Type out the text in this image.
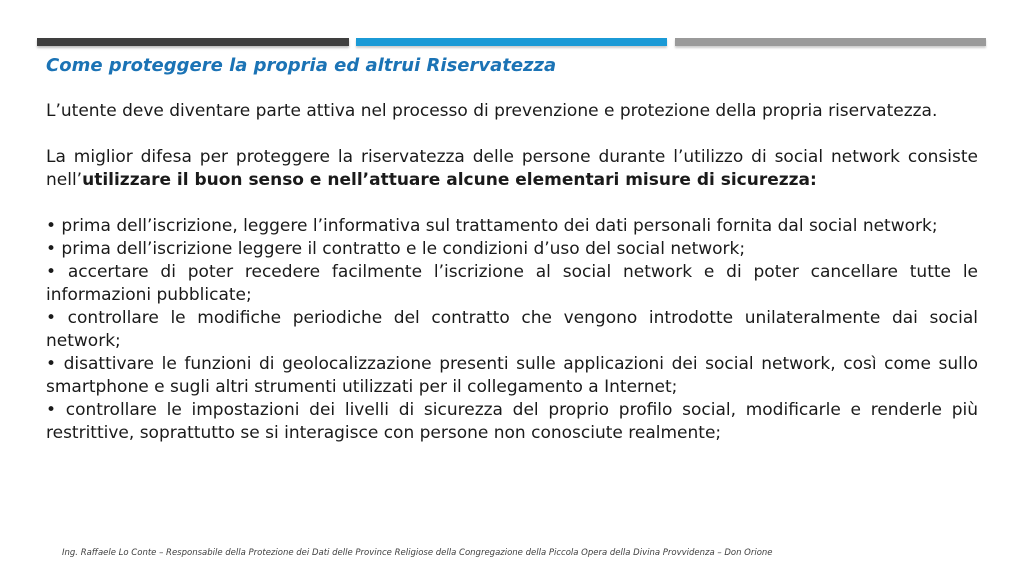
Come proteggere la propria ed altrui Riservatezza

L’utente deve diventare parte attiva nel processo di prevenzione e protezione della propria riservatezza.

La miglior difesa per proteggere la riservatezza delle persone durante l’utilizzo di social network consiste nell’utilizzare il buon senso e nell’attuare alcune elementari misure di sicurezza:

• prima dell’iscrizione, leggere l’informativa sul trattamento dei dati personali fornita dal social network;
• prima dell’iscrizione leggere il contratto e le condizioni d’uso del social network;
• accertare di poter recedere facilmente l’iscrizione al social network e di poter cancellare tutte le informazioni pubblicate;
• controllare le modifiche periodiche del contratto che vengono introdotte unilateralmente dai social network;
• disattivare le funzioni di geolocalizzazione presenti sulle applicazioni dei social network, così come sullo smartphone e sugli altri strumenti utilizzati per il collegamento a Internet;
• controllare le impostazioni dei livelli di sicurezza del proprio profilo social, modificarle e renderle più restrittive, soprattutto se si interagisce con persone non conosciute realmente;
Ing. Raffaele Lo Conte – Responsabile della Protezione dei Dati delle Province Religiose della Congregazione della Piccola Opera della Divina Provvidenza – Don Orione
